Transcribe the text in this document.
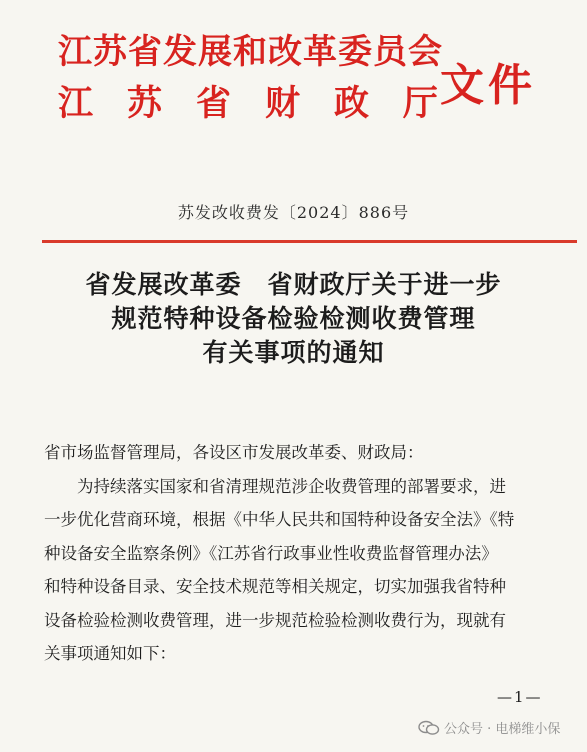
江苏省发展和改革委员会
江 苏 省 财 政 厅 文件
苏发改收费发〔2024〕886号
省发展改革委　省财政厅关于进一步
规范特种设备检验检测收费管理
有关事项的通知
省市场监督管理局，各设区市发展改革委、财政局：
为持续落实国家和省清理规范涉企收费管理的部署要求，进
一步优化营商环境，根据《中华人民共和国特种设备安全法》《特
种设备安全监察条例》《江苏省行政事业性收费监督管理办法》
和特种设备目录、安全技术规范等相关规定，切实加强我省特种
设备检验检测收费管理，进一步规范检验检测收费行为，现就有
关事项通知如下：
—1—
公众号 · 电梯维小保
